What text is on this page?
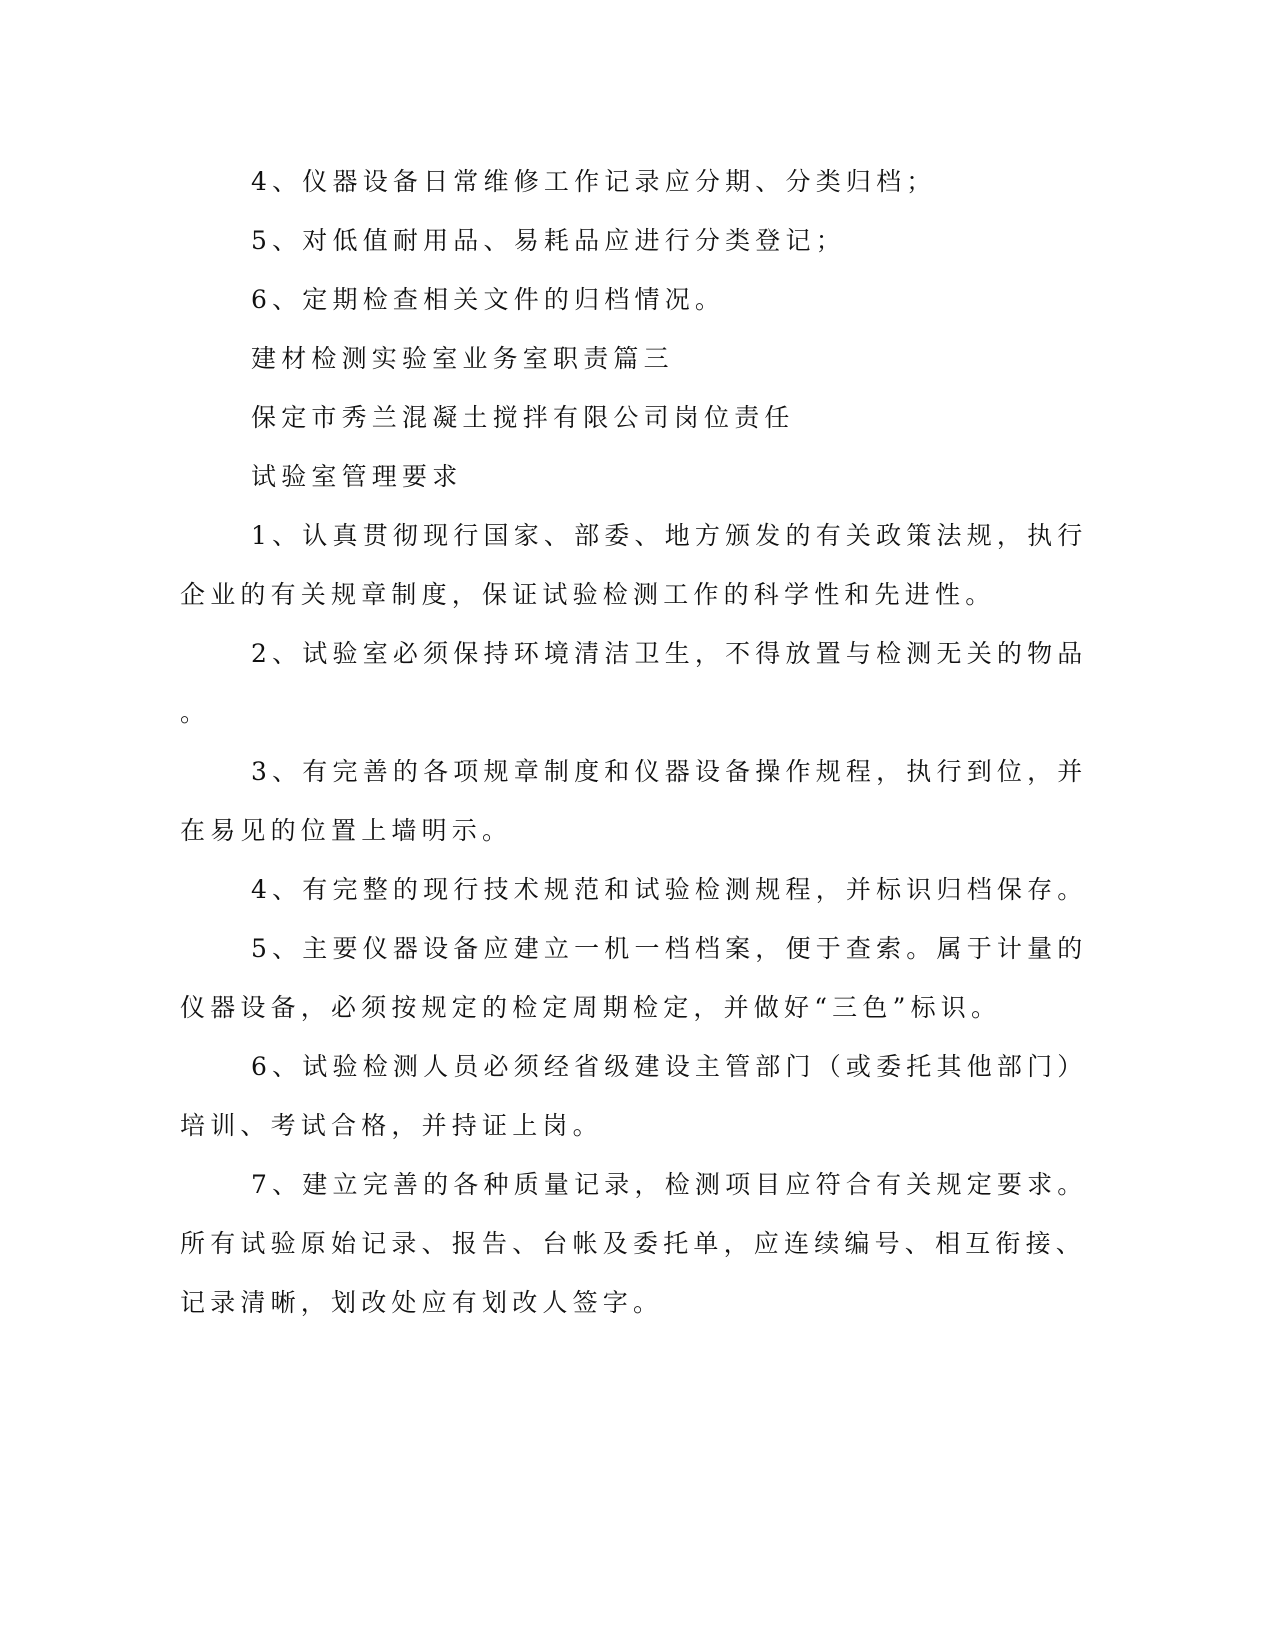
4、仪器设备日常维修工作记录应分期、分类归档；

5、对低值耐用品、易耗品应进行分类登记；

6、定期检查相关文件的归档情况。

建材检测实验室业务室职责篇三

保定市秀兰混凝土搅拌有限公司岗位责任

试验室管理要求

1、认真贯彻现行国家、部委、地方颁发的有关政策法规，执行

企业的有关规章制度，保证试验检测工作的科学性和先进性。

2、试验室必须保持环境清洁卫生，不得放置与检测无关的物品

。

3、有完善的各项规章制度和仪器设备操作规程，执行到位，并

在易见的位置上墙明示。

4、有完整的现行技术规范和试验检测规程，并标识归档保存。

5、主要仪器设备应建立一机一档档案，便于查索。属于计量的

仪器设备，必须按规定的检定周期检定，并做好“三色”标识。

6、试验检测人员必须经省级建设主管部门（或委托其他部门）

培训、考试合格，并持证上岗。

7、建立完善的各种质量记录，检测项目应符合有关规定要求。

所有试验原始记录、报告、台帐及委托单，应连续编号、相互衔接、

记录清晰，划改处应有划改人签字。
